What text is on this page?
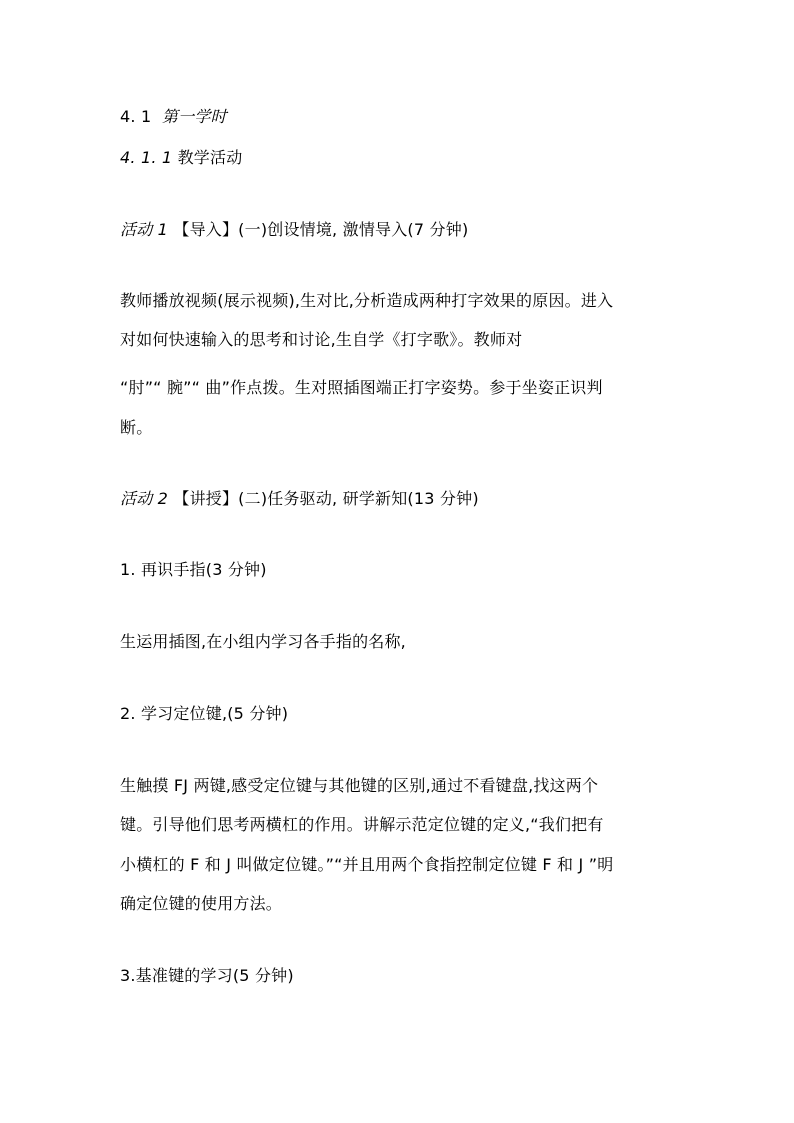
4. 1 第一学时
4. 1. 1 教学活动
活动 1 【导入】(一)创设情境, 激情导入(7 分钟)
教师播放视频(展示视频),生对比,分析造成两种打字效果的原因。进入
对如何快速输入的思考和讨论,生自学《打字歌》。教师对
“肘”“ 腕”“ 曲”作点拨。生对照插图端正打字姿势。参于坐姿正识判
断。
活动 2 【讲授】(二)任务驱动, 研学新知(13 分钟)
1. 再识手指(3 分钟)
生运用插图,在小组内学习各手指的名称,
2. 学习定位键,(5 分钟)
生触摸 FJ 两键,感受定位键与其他键的区别,通过不看键盘,找这两个
键。引导他们思考两横杠的作用。讲解示范定位键的定义,“我们把有
小横杠的 F 和 J 叫做定位键。”“并且用两个食指控制定位键 F 和 J ”明
确定位键的使用方法。
3.基准键的学习(5 分钟)
